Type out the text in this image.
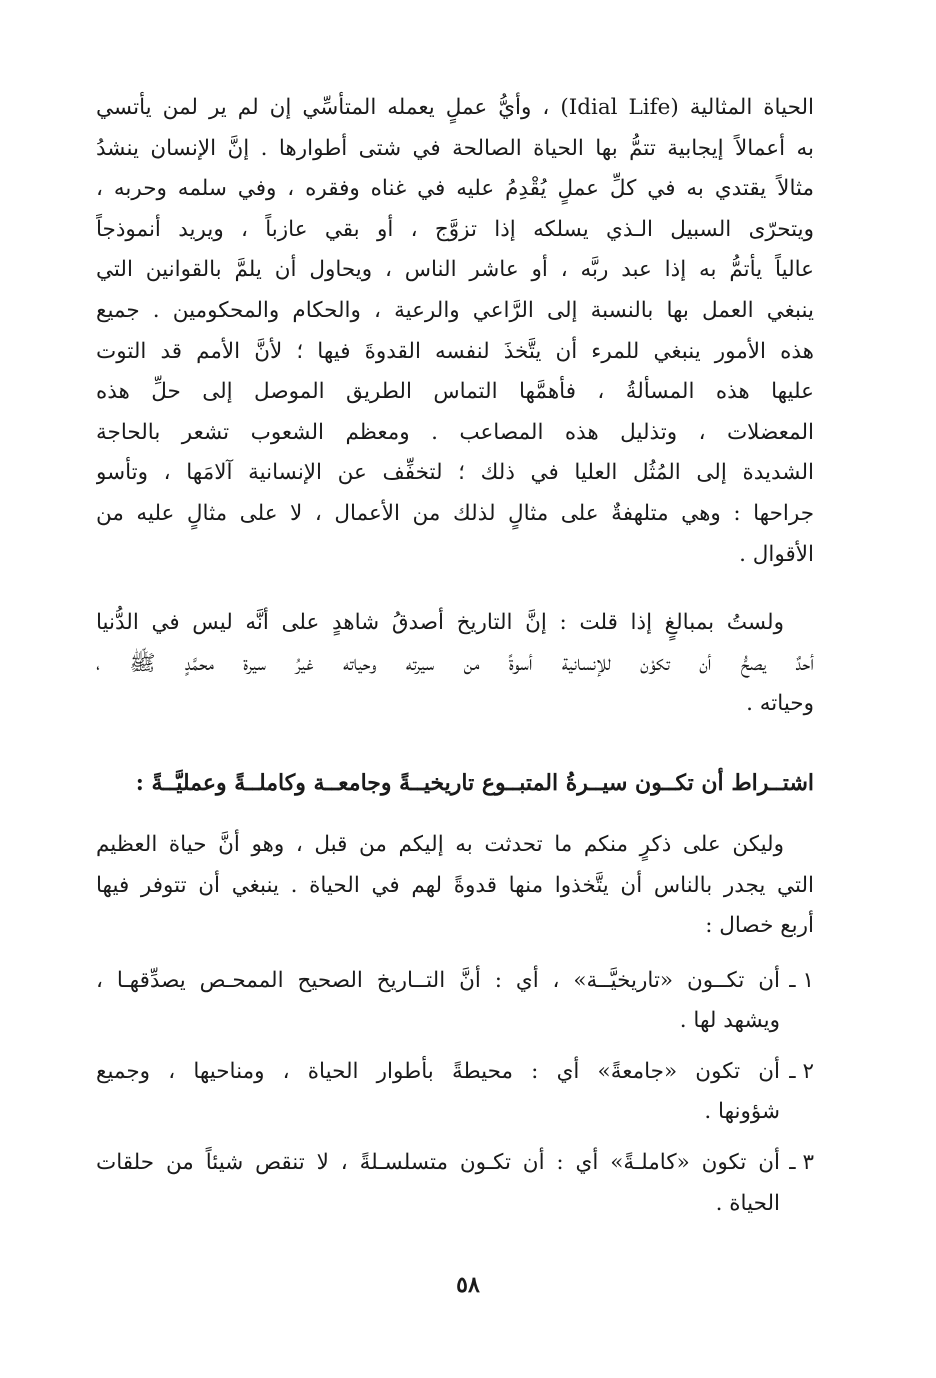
الحياة المثالية (Idial Life) ، وأيُّ عملٍ يعمله المتأسِّي إن لم ير لمن يأتسي
به أعمالاً إيجابية تتمُّ بها الحياة الصالحة في شتى أطوارها . إنَّ الإنسان ينشدُ
مثالاً يقتدي به في كلِّ عملٍ يُقْدِمُ عليه في غناه وفقره ، وفي سلمه وحربه ،
ويتحرّى السبيل الـذي يسلكه إذا تزوَّج ، أو بقي عازباً ، ويريد أنموذجاً
عالياً يأتمُّ به إذا عبد ربَّه ، أو عاشر الناس ، ويحاول أن يلمَّ بالقوانين التي
ينبغي العمل بها بالنسبة إلى الرَّاعي والرعية ، والحكام والمحكومين . جميع
هذه الأمور ينبغي للمرء أن يتَّخذَ لنفسه القدوةَ فيها ؛ لأنَّ الأمم قد التوت
عليها هذه المسألةُ ، فأهمَّها التماس الطريق الموصل إلى حلِّ هذه
المعضلات ، وتذليل هذه المصاعب . ومعظم الشعوب تشعر بالحاجة
الشديدة إلى المُثُل العليا في ذلك ؛ لتخفِّف عن الإنسانية آلامَها ، وتأسو
جراحها : وهي متلهفةٌ على مثالٍ لذلك من الأعمال ، لا على مثالٍ عليه من
الأقوال .

ولستُ بمبالغٍ إذا قلت : إنَّ التاريخ أصدقُ شاهدٍ على أنَّه ليس في الدُّنيا
أحدٌ يصحُّ أن تكوْن للإنسانية أسوةً من سيرته وحياته غيرُ سيرة محمَّدٍ ﷺ ،
وحياته .

اشتــراط أن تكــون سيــرةُ المتبــوع تاريخيــةً وجامعــة وكاملــةً وعمليَّــةً :

وليكن على ذكرٍ منكم ما تحدثت به إليكم من قبل ، وهو أنَّ حياة العظيم
التي يجدر بالناس أن يتَّخذوا منها قدوةً لهم في الحياة . ينبغي أن تتوفر فيها
أربع خصال :

١ ـ
أن تكــون «تاريخيَّــة» ، أي : أنَّ التــاريخ الصحيح الممحـص يصدِّقهـا ،
ويشهد لها .
٢ ـ
أن تكون «جامعةً» أي : محيطةً بأطوار الحياة ، ومناحيها ، وجميع
شؤونها .
٣ ـ
أن تكون «كاملـةً» أي : أن تكـون متسلسـلةً ، لا تنقص شيئاً من حلقات
الحياة .
٥٨
